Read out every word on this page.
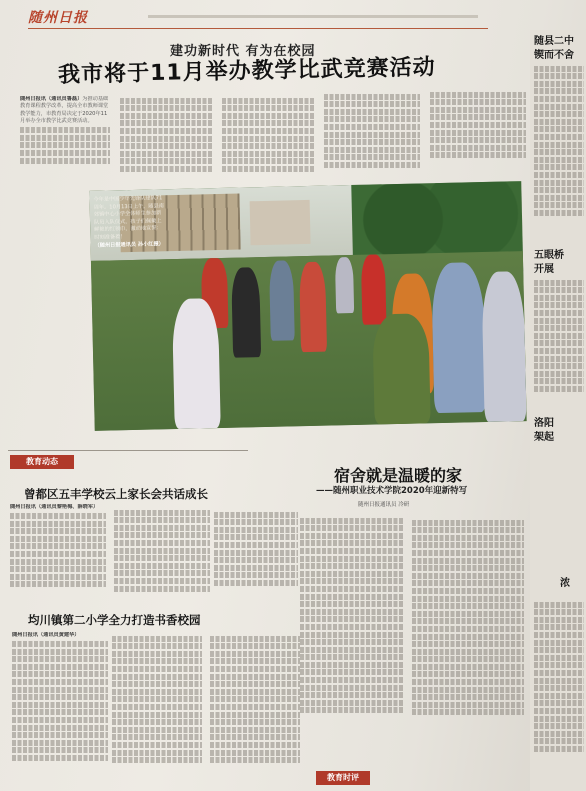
随州日报
建功新时代 有为在校园
我市将于11月举办教学比武竞赛活动

随州日报讯（通讯员鲁磊）为推动基础教育课程教学改革，提高全市教师课堂教学能力，市教育局决定于2020年11月举办全市教学比武竞赛活动。

今年是中国少年先锋队建队71周年。10月13日上午，随县南郊镇中心小学全体师生参加新队员入队仪式，孩子们佩戴上鲜艳的红领巾，激动地宣誓：时刻准备着！

（随州日报通讯员 孙小红摄）

教育动态
曾都区五丰学校云上家长会共话成长

随州日报讯（通讯员黎艳梅、薛晓军）

均川镇第二小学全力打造书香校园

随州日报讯（通讯员黄建华）

宿舍就是温暖的家
——随州职业技术学院2020年迎新特写
随州日报通讯员 冷研
教育时评
随县二中
锲而不舍
五眼桥
开展
洛阳
架起
浓
